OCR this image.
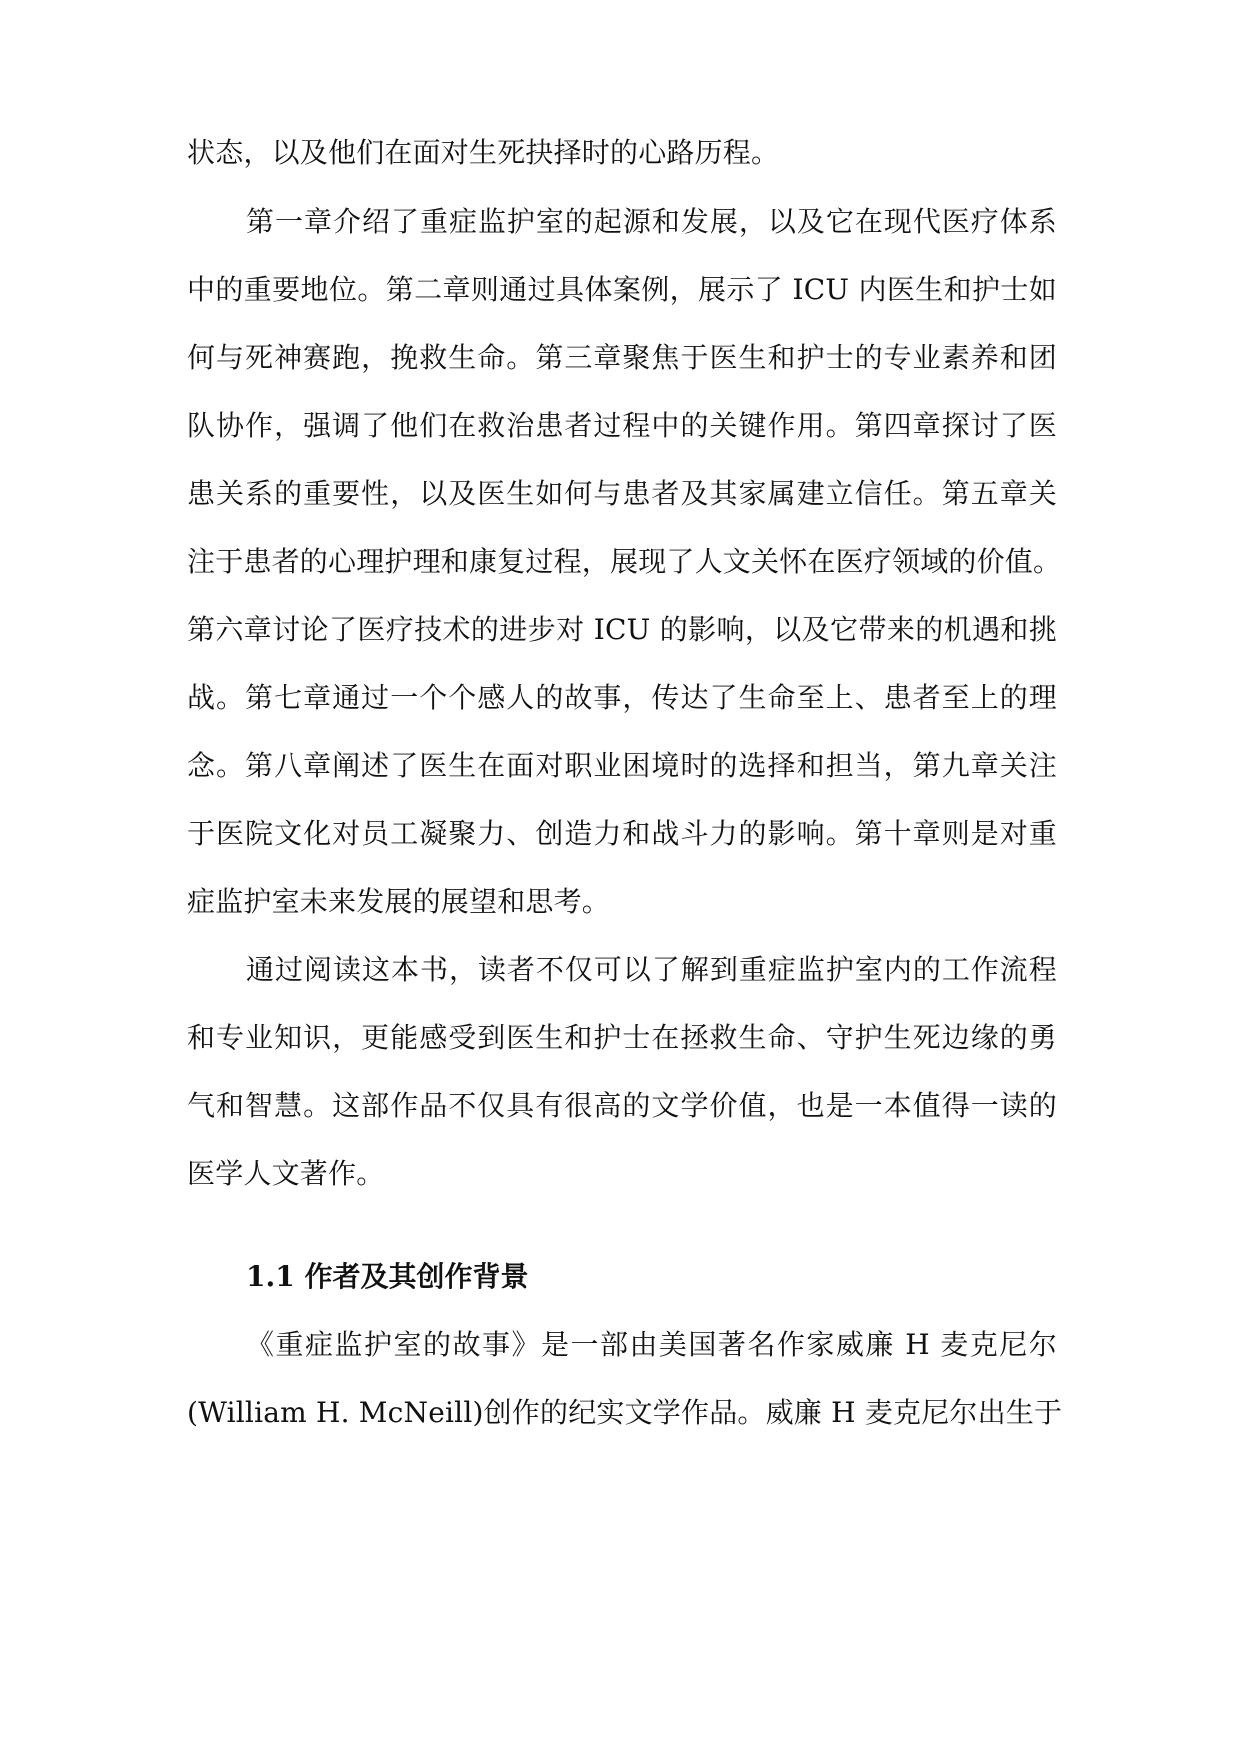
状态，以及他们在面对生死抉择时的心路历程。
第一章介绍了重症监护室的起源和发展，以及它在现代医疗体系
中的重要地位。第二章则通过具体案例，展示了 ICU 内医生和护士如
何与死神赛跑，挽救生命。第三章聚焦于医生和护士的专业素养和团
队协作，强调了他们在救治患者过程中的关键作用。第四章探讨了医
患关系的重要性，以及医生如何与患者及其家属建立信任。第五章关
注于患者的心理护理和康复过程，展现了人文关怀在医疗领域的价值。
第六章讨论了医疗技术的进步对 ICU 的影响，以及它带来的机遇和挑
战。第七章通过一个个感人的故事，传达了生命至上、患者至上的理
念。第八章阐述了医生在面对职业困境时的选择和担当，第九章关注
于医院文化对员工凝聚力、创造力和战斗力的影响。第十章则是对重
症监护室未来发展的展望和思考。
通过阅读这本书，读者不仅可以了解到重症监护室内的工作流程
和专业知识，更能感受到医生和护士在拯救生命、守护生死边缘的勇
气和智慧。这部作品不仅具有很高的文学价值，也是一本值得一读的
医学人文著作。
1.1 作者及其创作背景
《重症监护室的故事》是一部由美国著名作家威廉 H 麦克尼尔
(William H. McNeill)创作的纪实文学作品。威廉 H 麦克尼尔出生于
